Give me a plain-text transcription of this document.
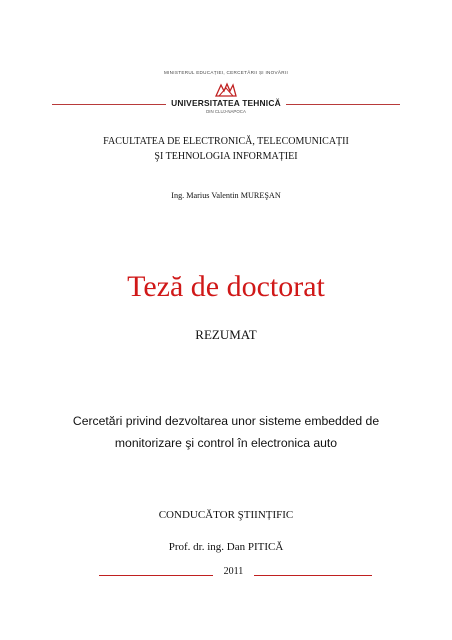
MINISTERUL EDUCAȚIEI, CERCETĂRII ȘI INOVĂRII
UNIVERSITATEA TEHNICĂ
DIN CLUJ-NAPOCA
FACULTATEA DE ELECTRONICĂ, TELECOMUNICAȚII
ŞI TEHNOLOGIA INFORMAȚIEI
Ing. Marius Valentin MUREŞAN
Teză de doctorat
REZUMAT
Cercetări privind dezvoltarea unor sisteme embedded de
monitorizare şi control în electronica auto
CONDUCĂTOR ŞTIINȚIFIC
Prof. dr. ing. Dan PITICĂ
2011
